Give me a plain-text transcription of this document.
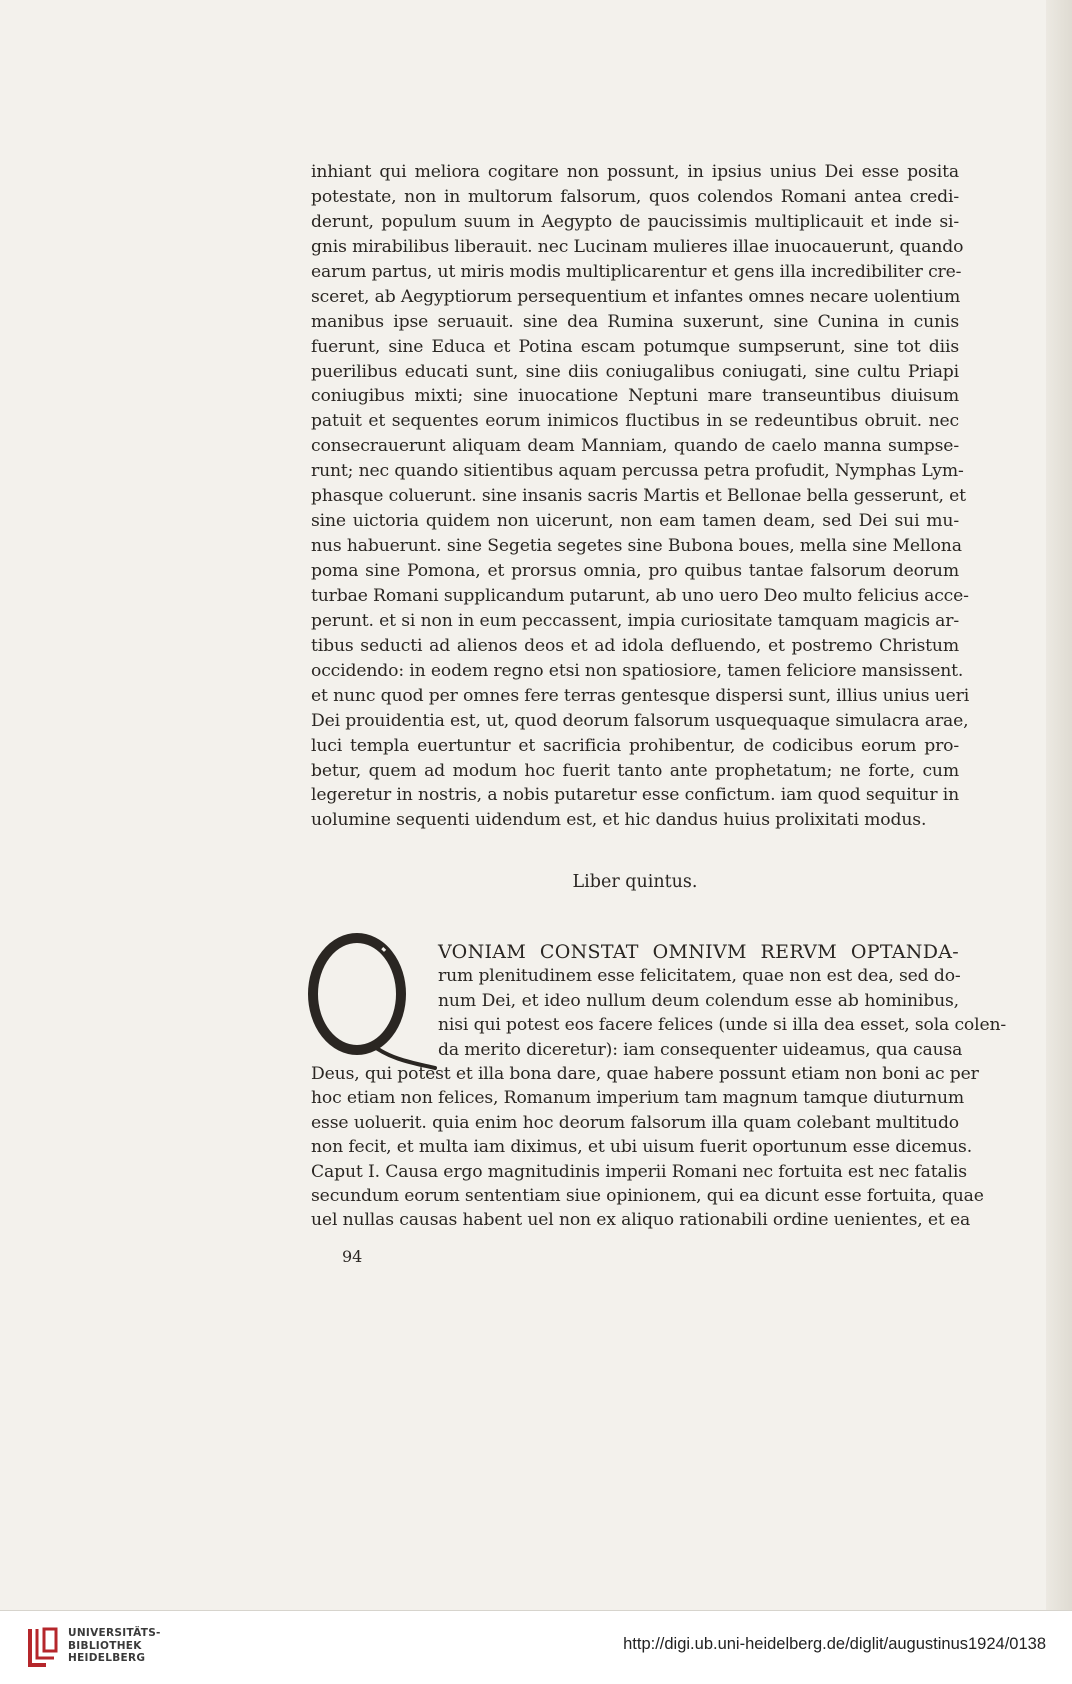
inhiant qui meliora cogitare non possunt, in ipsius unius Dei esse posita
potestate, non in multorum falsorum, quos colendos Romani antea credi-
derunt, populum suum in Aegypto de paucissimis multiplicauit et inde si-
gnis mirabilibus liberauit. nec Lucinam mulieres illae inuocauerunt, quando
earum partus, ut miris modis multiplicarentur et gens illa incredibiliter cre-
sceret, ab Aegyptiorum persequentium et infantes omnes necare uolentium
manibus ipse seruauit. sine dea Rumina suxerunt, sine Cunina in cunis
fuerunt, sine Educa et Potina escam potumque sumpserunt, sine tot diis
puerilibus educati sunt, sine diis coniugalibus coniugati, sine cultu Priapi
coniugibus mixti; sine inuocatione Neptuni mare transeuntibus diuisum
patuit et sequentes eorum inimicos fluctibus in se redeuntibus obruit. nec
consecrauerunt aliquam deam Manniam, quando de caelo manna sumpse-
runt; nec quando sitientibus aquam percussa petra profudit, Nymphas Lym-
phasque coluerunt. sine insanis sacris Martis et Bellonae bella gesserunt, et
sine uictoria quidem non uicerunt, non eam tamen deam, sed Dei sui mu-
nus habuerunt. sine Segetia segetes sine Bubona boues, mella sine Mellona
poma sine Pomona, et prorsus omnia, pro quibus tantae falsorum deorum
turbae Romani supplicandum putarunt, ab uno uero Deo multo felicius acce-
perunt. et si non in eum peccassent, impia curiositate tamquam magicis ar-
tibus seducti ad alienos deos et ad idola defluendo, et postremo Christum
occidendo: in eodem regno etsi non spatiosiore, tamen feliciore mansissent.
et nunc quod per omnes fere terras gentesque dispersi sunt, illius unius ueri
Dei prouidentia est, ut, quod deorum falsorum usquequaque simulacra arae,
luci templa euertuntur et sacrificia prohibentur, de codicibus eorum pro-
betur, quem ad modum hoc fuerit tanto ante prophetatum; ne forte, cum
legeretur in nostris, a nobis putaretur esse confictum. iam quod sequitur in
uolumine sequenti uidendum est, et hic dandus huius prolixitati modus.
Liber quintus.
VONIAM CONSTAT OMNIVM RERVM OPTANDA-
rum plenitudinem esse felicitatem, quae non est dea, sed do-
num Dei, et ideo nullum deum colendum esse ab hominibus,
nisi qui potest eos facere felices (unde si illa dea esset, sola colen-
da merito diceretur): iam consequenter uideamus, qua causa
Deus, qui potest et illa bona dare, quae habere possunt etiam non boni ac per
hoc etiam non felices, Romanum imperium tam magnum tamque diuturnum
esse uoluerit. quia enim hoc deorum falsorum illa quam colebant multitudo
non fecit, et multa iam diximus, et ubi uisum fuerit oportunum esse dicemus.
Caput I. Causa ergo magnitudinis imperii Romani nec fortuita est nec fatalis
secundum eorum sententiam siue opinionem, qui ea dicunt esse fortuita, quae
uel nullas causas habent uel non ex aliquo rationabili ordine uenientes, et ea
94
UNIVERSITÄTS-
BIBLIOTHEK
HEIDELBERG
http://digi.ub.uni-heidelberg.de/diglit/augustinus1924/0138
